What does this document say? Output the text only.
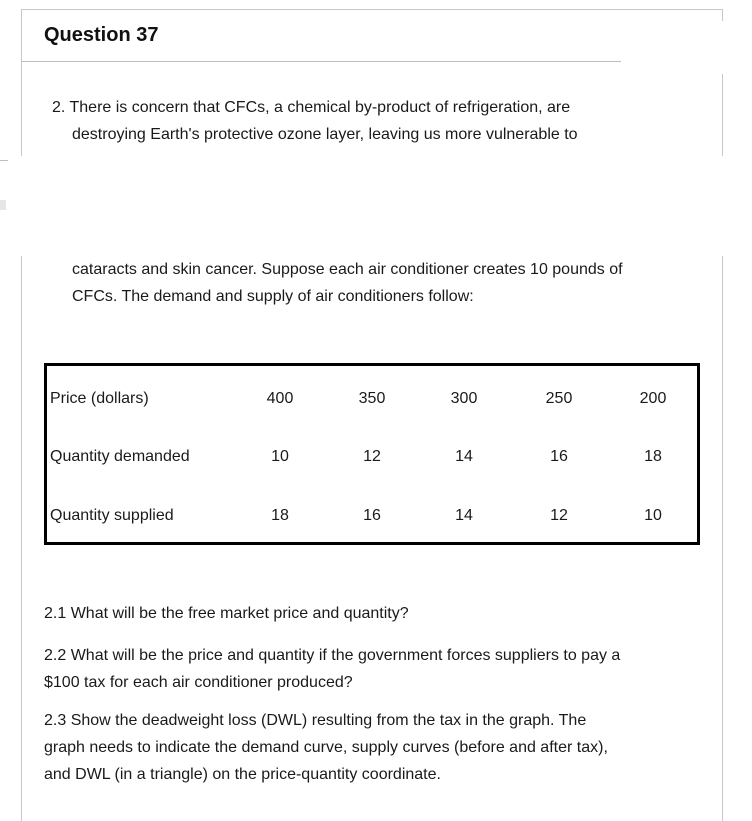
Question 37
2. There is concern that CFCs, a chemical by-product of refrigeration, are
destroying Earth's protective ozone layer, leaving us more vulnerable to
cataracts and skin cancer. Suppose each air conditioner creates 10 pounds of
CFCs. The demand and supply of air conditioners follow:
Price (dollars)	400	350	300	250	200
Quantity demanded	10	12	14	16	18
Quantity supplied	18	16	14	12	10
2.1 What will be the free market price and quantity?
2.2 What will be the price and quantity if the government forces suppliers to pay a
$100 tax for each air conditioner produced?
2.3 Show the deadweight loss (DWL) resulting from the tax in the graph. The
graph needs to indicate the demand curve, supply curves (before and after tax),
and DWL (in a triangle) on the price-quantity coordinate.
